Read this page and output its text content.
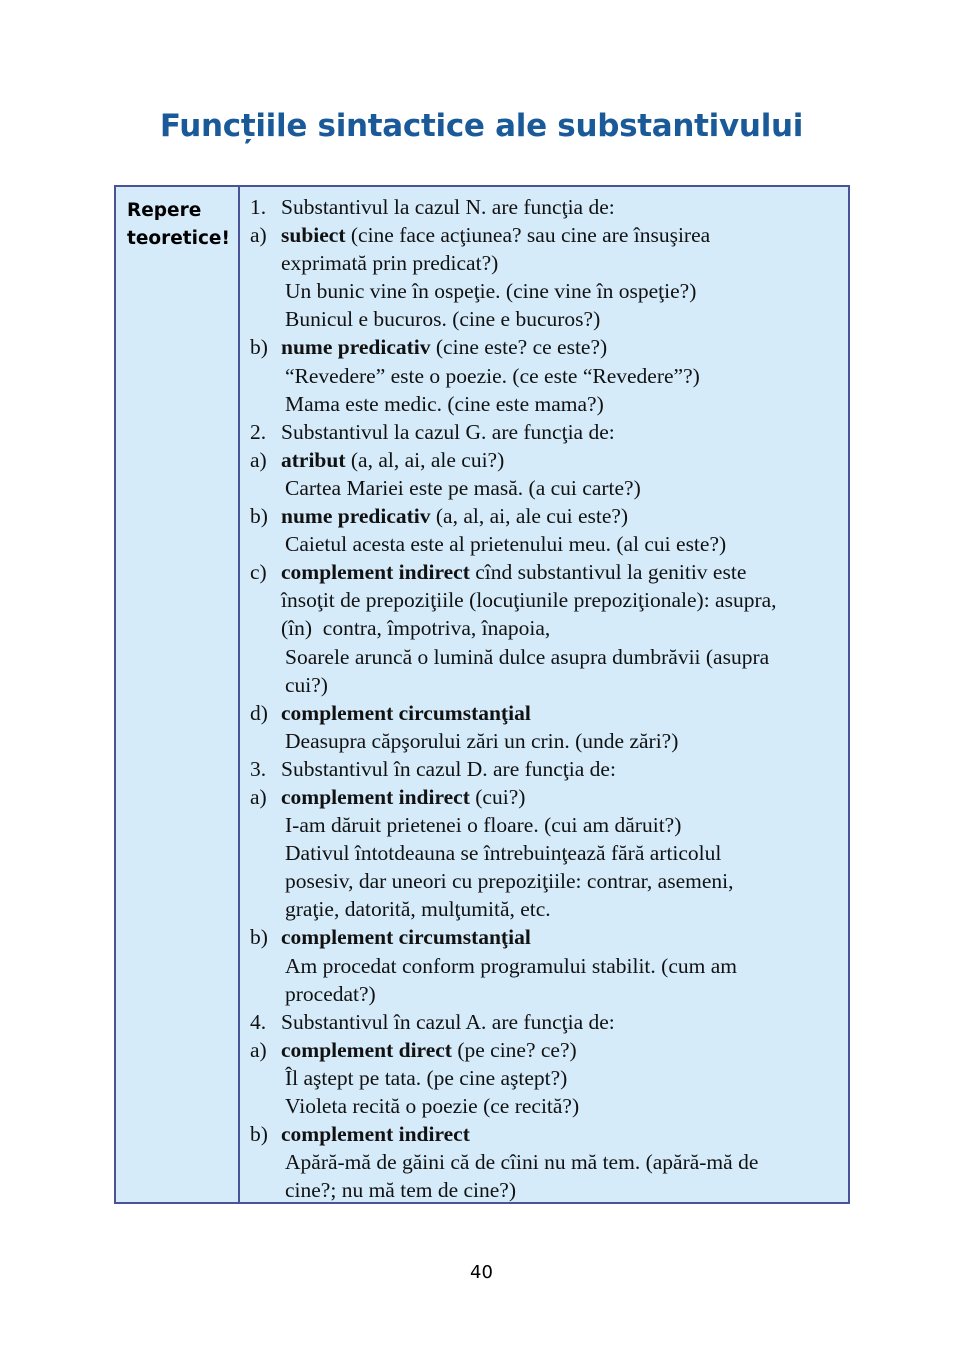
Funcțiile sintactice ale substantivului
Repere
teoretice!
1. Substantivul la cazul N. are funcţia de:
a) subiect (cine face acţiunea? sau cine are însuşirea
exprimată prin predicat?)
Un bunic vine în ospeţie. (cine vine în ospeţie?)
Bunicul e bucuros. (cine e bucuros?)
b) nume predicativ (cine este? ce este?)
“Revedere” este o poezie. (ce este “Revedere”?)
Mama este medic. (cine este mama?)
2. Substantivul la cazul G. are funcţia de:
a) atribut (a, al, ai, ale cui?)
Cartea Mariei este pe masă. (a cui carte?)
b) nume predicativ (a, al, ai, ale cui este?)
Caietul acesta este al prietenului meu. (al cui este?)
c) complement indirect cînd substantivul la genitiv este
însoţit de prepoziţiile (locuţiunile prepoziţionale): asupra,
(în)  contra, împotriva, înapoia,
Soarele aruncă o lumină dulce asupra dumbrăvii (asupra
cui?)
d) complement circumstanţial
Deasupra căpşorului zări un crin. (unde zări?)
3. Substantivul în cazul D. are funcţia de:
a) complement indirect (cui?)
I-am dăruit prietenei o floare. (cui am dăruit?)
Dativul întotdeauna se întrebuinţează fără articolul
posesiv, dar uneori cu prepoziţiile: contrar, asemeni,
graţie, datorită, mulţumită, etc.
b) complement circumstanţial
Am procedat conform programului stabilit. (cum am
procedat?)
4. Substantivul în cazul A. are funcţia de:
a) complement direct (pe cine? ce?)
Îl aştept pe tata. (pe cine aştept?)
Violeta recită o poezie (ce recită?)
b) complement indirect
Apără-mă de găini că de cîini nu mă tem. (apără-mă de
cine?; nu mă tem de cine?)
40
